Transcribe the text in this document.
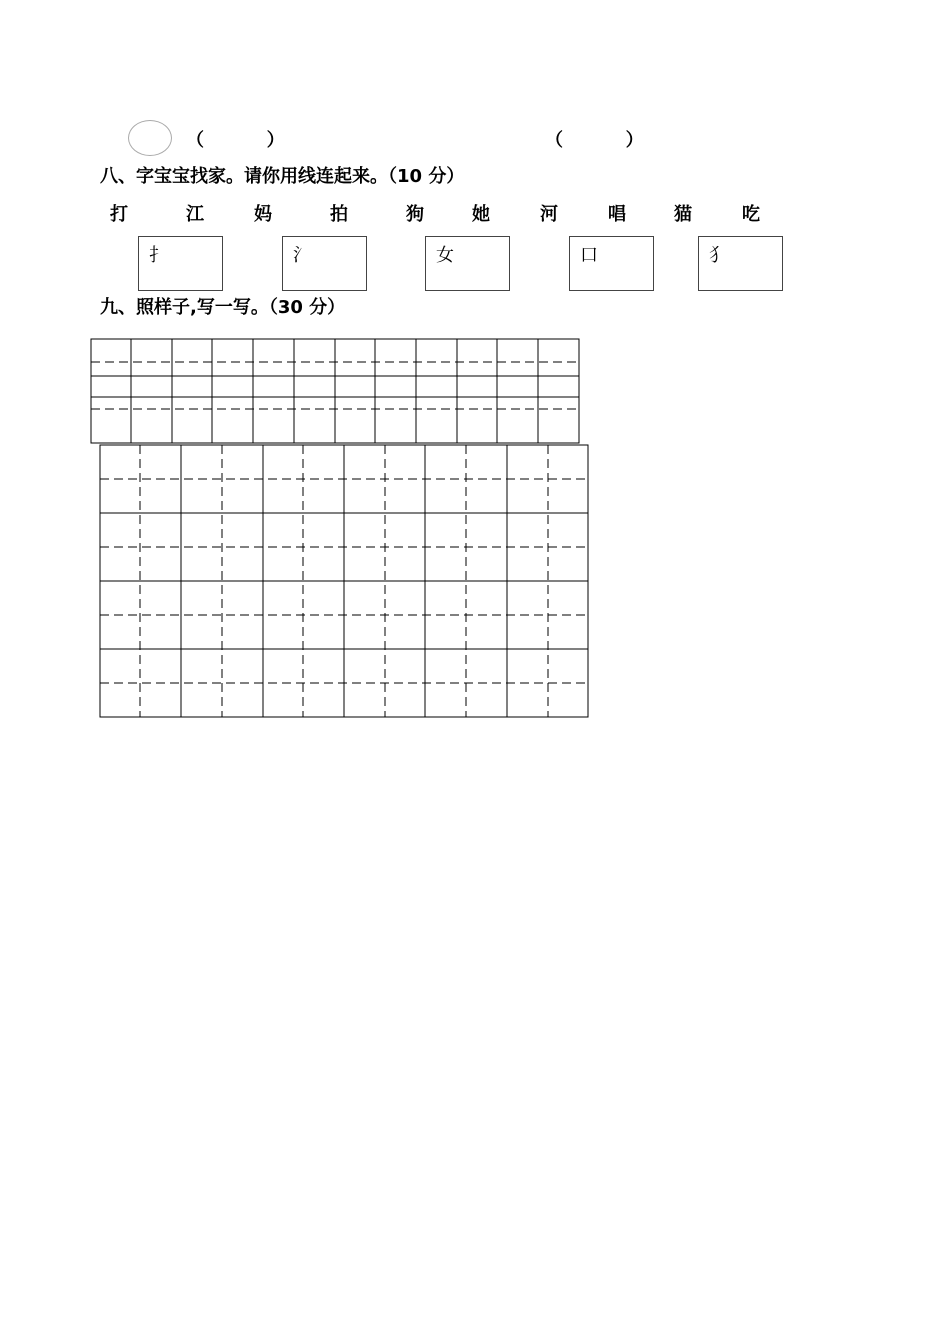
（          ）	（          ）
八、字宝宝找家。请你用线连起来。（10 分）
打	江	妈	拍	狗	她	河	唱	猫	吃
扌	氵	女	口	犭
九、照样子,写一写。（30 分）
